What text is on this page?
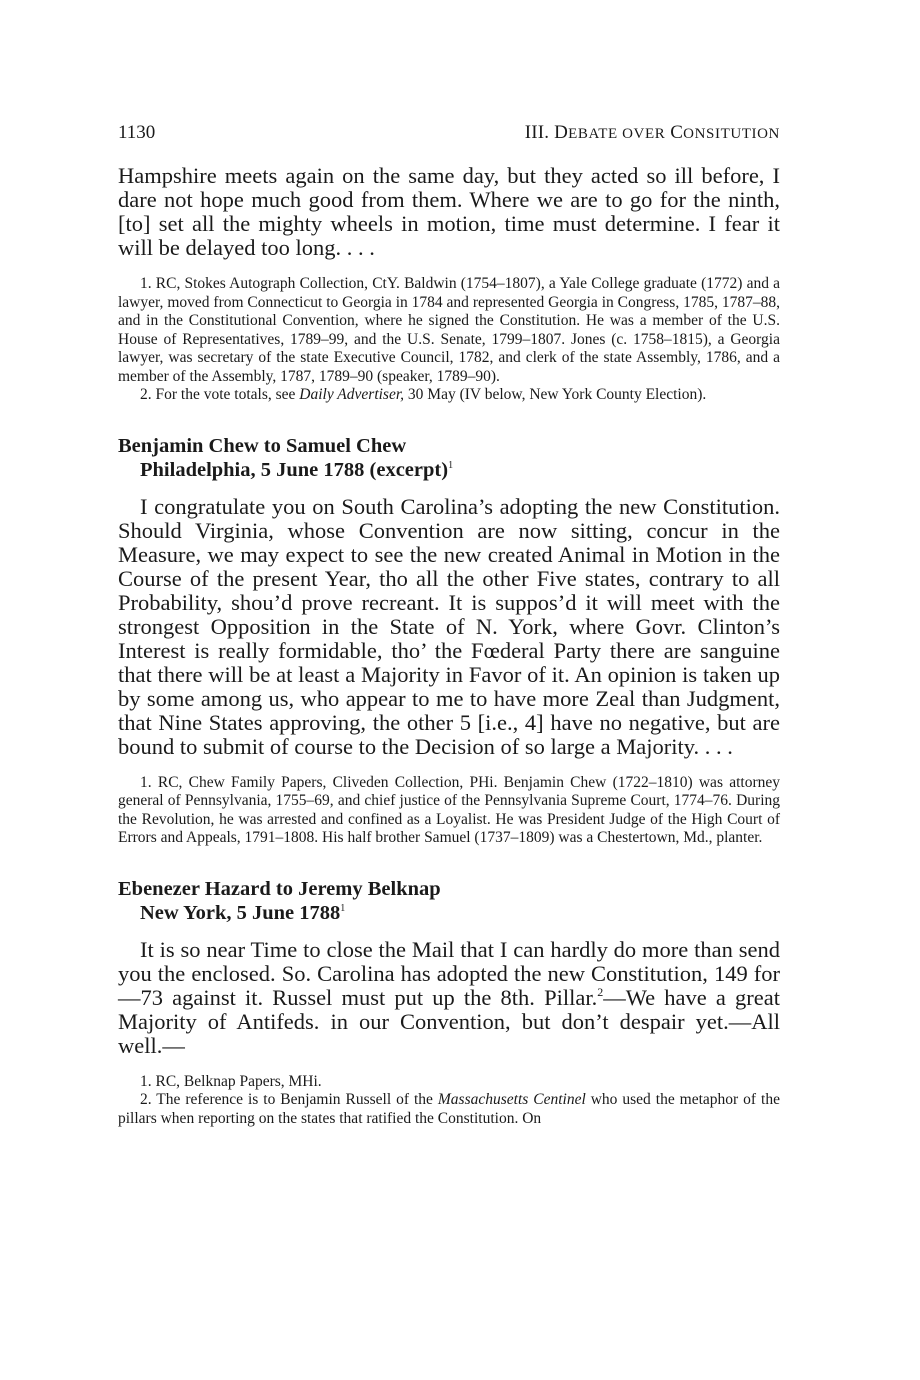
1130	III. DEBATE OVER CONSITUTION

Hampshire meets again on the same day, but they acted so ill before, I dare not hope much good from them. Where we are to go for the ninth, [to] set all the mighty wheels in motion, time must determine. I fear it will be delayed too long. . . .

1. RC, Stokes Autograph Collection, CtY. Baldwin (1754–1807), a Yale College graduate (1772) and a lawyer, moved from Connecticut to Georgia in 1784 and represented Georgia in Congress, 1785, 1787–88, and in the Constitutional Convention, where he signed the Constitution. He was a member of the U.S. House of Representatives, 1789–99, and the U.S. Senate, 1799–1807. Jones (c. 1758–1815), a Georgia lawyer, was secretary of the state Executive Council, 1782, and clerk of the state Assembly, 1786, and a member of the Assembly, 1787, 1789–90 (speaker, 1789–90).

2. For the vote totals, see Daily Advertiser, 30 May (IV below, New York County Election).

Benjamin Chew to Samuel Chew

Philadelphia, 5 June 1788 (excerpt)$^1$

I congratulate you on South Carolina’s adopting the new Constitution. Should Virginia, whose Convention are now sitting, concur in the Measure, we may expect to see the new created Animal in Motion in the Course of the present Year, tho all the other Five states, contrary to all Probability, shou’d prove recreant. It is suppos’d it will meet with the strongest Opposition in the State of N. York, where Govr. Clinton’s Interest is really formidable, tho’ the Fœderal Party there are sanguine that there will be at least a Majority in Favor of it. An opinion is taken up by some among us, who appear to me to have more Zeal than Judgment, that Nine States approving, the other 5 [i.e., 4] have no negative, but are bound to submit of course to the Decision of so large a Majority. . . .

1. RC, Chew Family Papers, Cliveden Collection, PHi. Benjamin Chew (1722–1810) was attorney general of Pennsylvania, 1755–69, and chief justice of the Pennsylvania Supreme Court, 1774–76. During the Revolution, he was arrested and confined as a Loyalist. He was President Judge of the High Court of Errors and Appeals, 1791–1808. His half brother Samuel (1737–1809) was a Chestertown, Md., planter.

Ebenezer Hazard to Jeremy Belknap

New York, 5 June 1788$^1$

It is so near Time to close the Mail that I can hardly do more than send you the enclosed. So. Carolina has adopted the new Constitution, 149 for—73 against it. Russel must put up the 8th. Pillar.$^2$—We have a great Majority of Antifeds. in our Convention, but don’t despair yet.—All well.—

1. RC, Belknap Papers, MHi.

2. The reference is to Benjamin Russell of the Massachusetts Centinel who used the metaphor of the pillars when reporting on the states that ratified the Constitution. On
